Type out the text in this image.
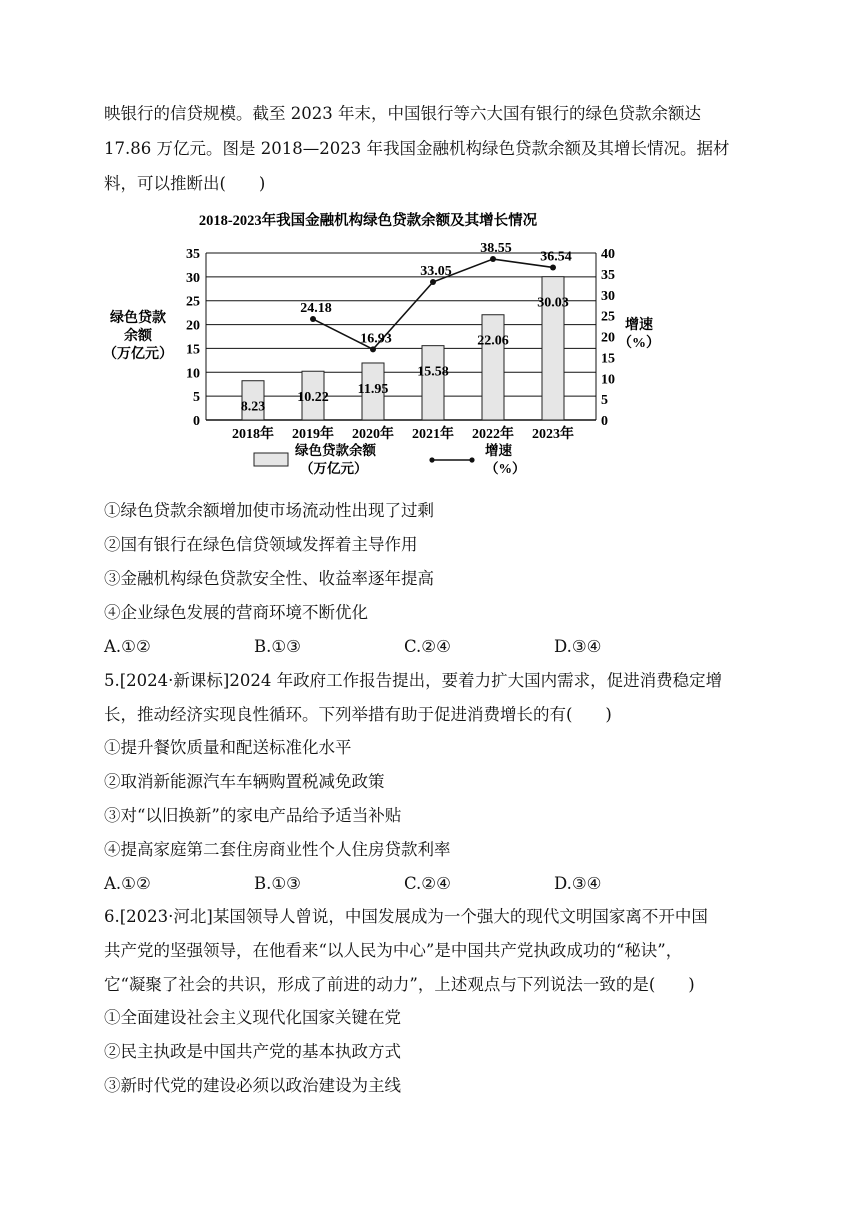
映银行的信贷规模。截至 2023 年末，中国银行等六大国有银行的绿色贷款余额达
17.86 万亿元。图是 2018—2023 年我国金融机构绿色贷款余额及其增长情况。据材
料，可以推断出(　　)
2018-2023年我国金融机构绿色贷款余额及其增长情况
绿色贷款
余额
（万亿元）
增速
（%）
0
5
10
15
20
25
30
35
0
5
10
15
20
25
30
35
40
8.23
10.22
11.95
15.58
22.06
30.03
2018年 2019年 2020年 2021年 2022年 2023年
24.18
16.93
33.05
38.55
36.54
绿色贷款余额
（万亿元）
增速
（%）
①绿色贷款余额增加使市场流动性出现了过剩
②国有银行在绿色信贷领域发挥着主导作用
③金融机构绿色贷款安全性、收益率逐年提高
④企业绿色发展的营商环境不断优化
A.①②	B.①③	C.②④	D.③④
5.[2024·新课标]2024 年政府工作报告提出，要着力扩大国内需求，促进消费稳定增
长，推动经济实现良性循环。下列举措有助于促进消费增长的有(　　)
①提升餐饮质量和配送标准化水平
②取消新能源汽车车辆购置税减免政策
③对“以旧换新”的家电产品给予适当补贴
④提高家庭第二套住房商业性个人住房贷款利率
A.①②	B.①③	C.②④	D.③④
6.[2023·河北]某国领导人曾说，中国发展成为一个强大的现代文明国家离不开中国
共产党的坚强领导，在他看来“以人民为中心”是中国共产党执政成功的“秘诀”，
它“凝聚了社会的共识，形成了前进的动力”，上述观点与下列说法一致的是(　　)
①全面建设社会主义现代化国家关键在党
②民主执政是中国共产党的基本执政方式
③新时代党的建设必须以政治建设为主线
